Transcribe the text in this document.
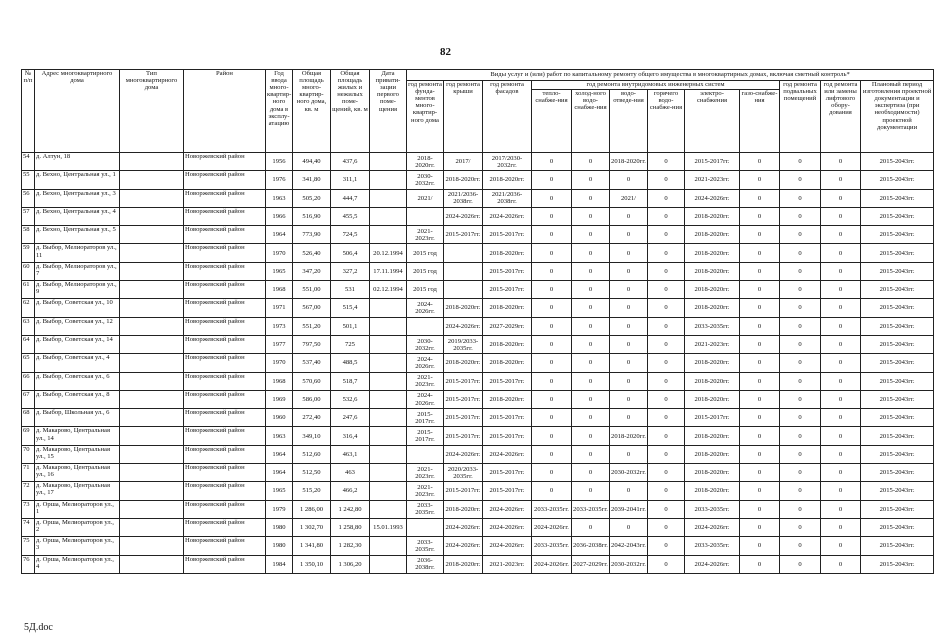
82
№ п/п	Адрес многоквартирного дома	Тип многоквартирного дома	Район	Год ввода много-квартир-ного дома в эксплу-атацию	Общая площадь много-квартир-ного дома, кв. м	Общая площадь жилых и нежилых поме-щений, кв. м	Дата привати-зации первого поме-щения	Виды услуг и (или) работ по капитальному ремонту общего имущества в многоквартирных домах, включая сметный контроль*											
								год ремонта фунда-ментов много-квартир-ного дома	год ремонта крыши	год ремонта фасадов	год ремонта внутридомовых инженерных систем						год ремонта подвальных помещений	год ремонта или замены лифтового обору-дования	Плановый период изготовления проектной документации и экспертиза (при необходимости) проектной документации
											тепло-снабже-ния	холод-ного водо-снабже-ния	водо-отведе-ния	горячего водо-снабже-ния	электро-снабжения	газо-снабже-ния			
54	д. Алтун, 18		Новоржевский район	1956	494,40	437,6		2018-2020гг.	2017/	2017/2030-2032гг.	0	0	2018-2020гг.	0	2015-2017гг.	0	0	0	2015-2043гг.
55	д. Вехно, Центральная ул., 1		Новоржевский район	1976	341,80	311,1		2030-2032гг.	2018-2020гг.	2018-2020гг.	0	0	0	0	2021-2023гг.	0	0	0	2015-2043гг.
56	д. Вехно, Центральная ул., 3		Новоржевский район	1963	505,20	444,7		2021/	2021/2036-2038гг.	2021/2036-2038гг.	0	0	2021/	0	2024-2026гг.	0	0	0	2015-2043гг.
57	д. Вехно, Центральная ул., 4		Новоржевский район	1966	516,90	455,5			2024-2026гг.	2024-2026гг.	0	0	0	0	2018-2020гг.	0	0	0	2015-2043гг.
58	д. Вехно, Центральная ул., 5		Новоржевский район	1964	773,90	724,5		2021-2023гг.	2015-2017гг.	2015-2017гг.	0	0	0	0	2018-2020гг.	0	0	0	2015-2043гг.
59	д. Выбор, Мелиораторов ул., 11		Новоржевский район	1970	526,40	506,4	20.12.1994	2015 год		2018-2020гг.	0	0	0	0	2018-2020гг.	0	0	0	2015-2043гг.
60	д. Выбор, Мелиораторов ул., 7		Новоржевский район	1965	347,20	327,2	17.11.1994	2015 год		2015-2017гг.	0	0	0	0	2018-2020гг.	0	0	0	2015-2043гг.
61	д. Выбор, Мелиораторов ул., 9		Новоржевский район	1968	551,00	531	02.12.1994	2015 год		2015-2017гг.	0	0	0	0	2018-2020гг.	0	0	0	2015-2043гг.
62	д. Выбор, Советская ул., 10		Новоржевский район	1971	567,00	515,4		2024-2026гг.	2018-2020гг.	2018-2020гг.	0	0	0	0	2018-2020гг.	0	0	0	2015-2043гг.
63	д. Выбор, Советская ул., 12		Новоржевский район	1973	551,20	501,1			2024-2026гг.	2027-2029гг.	0	0	0	0	2033-2035гг.	0	0	0	2015-2043гг.
64	д. Выбор, Советская ул., 14		Новоржевский район	1977	797,50	725		2030-2032гг.	2019/2033-2035гг.	2018-2020гг.	0	0	0	0	2021-2023гг.	0	0	0	2015-2043гг.
65	д. Выбор, Советская ул., 4		Новоржевский район	1970	537,40	488,5		2024-2026гг.	2018-2020гг.	2018-2020гг.	0	0	0	0	2018-2020гг.	0	0	0	2015-2043гг.
66	д. Выбор, Советская ул., 6		Новоржевский район	1968	570,60	518,7		2021-2023гг.	2015-2017гг.	2015-2017гг.	0	0	0	0	2018-2020гг.	0	0	0	2015-2043гг.
67	д. Выбор, Советская ул., 8		Новоржевский район	1969	586,00	532,6		2024-2026гг.	2015-2017гг.	2018-2020гг.	0	0	0	0	2018-2020гг.	0	0	0	2015-2043гг.
68	д. Выбор, Школьная ул., 6		Новоржевский район	1960	272,40	247,6		2015-2017гг.	2015-2017гг.	2015-2017гг.	0	0	0	0	2015-2017гг.	0	0	0	2015-2043гг.
69	д. Макарово, Центральная ул., 14		Новоржевский район	1963	349,10	316,4		2015-2017гг.	2015-2017гг.	2015-2017гг.	0	0	2018-2020гг.	0	2018-2020гг.	0	0	0	2015-2043гг.
70	д. Макарово, Центральная ул., 15		Новоржевский район	1964	512,60	463,1			2024-2026гг.	2024-2026гг.	0	0	0	0	2018-2020гг.	0	0	0	2015-2043гг.
71	д. Макарово, Центральная ул., 16		Новоржевский район	1964	512,50	463		2021-2023гг.	2020/2033-2035гг.	2015-2017гг.	0	0	2030-2032гг.	0	2018-2020гг.	0	0	0	2015-2043гг.
72	д. Макарово, Центральная ул., 17		Новоржевский район	1965	515,20	466,2		2021-2023гг.	2015-2017гг.	2015-2017гг.	0	0	0	0	2018-2020гг.	0	0	0	2015-2043гг.
73	д. Орша, Мелиораторов ул., 1		Новоржевский район	1979	1 286,00	1 242,80		2033-2035гг.	2018-2020гг.	2024-2026гг.	2033-2035гг.	2033-2035гг.	2039-2041гг.	0	2033-2035гг.	0	0	0	2015-2043гг.
74	д. Орша, Мелиораторов ул., 2		Новоржевский район	1980	1 302,70	1 258,80	15.01.1993		2024-2026гг.	2024-2026гг.	2024-2026гг.	0	0	0	2024-2026гг.	0	0	0	2015-2043гг.
75	д. Орша, Мелиораторов ул., 3		Новоржевский район	1980	1 341,80	1 282,30		2033-2035гг.	2024-2026гг.	2024-2026гг.	2033-2035гг.	2036-2038гг.	2042-2043гг.	0	2033-2035гг.	0	0	0	2015-2043гг.
76	д. Орша, Мелиораторов ул., 4		Новоржевский район	1984	1 350,10	1 306,20		2036-2038гг.	2018-2020гг.	2021-2023гг.	2024-2026гг.	2027-2029гг.	2030-2032гг.	0	2024-2026гг.	0	0	0	2015-2043гг.
5Д.doc
